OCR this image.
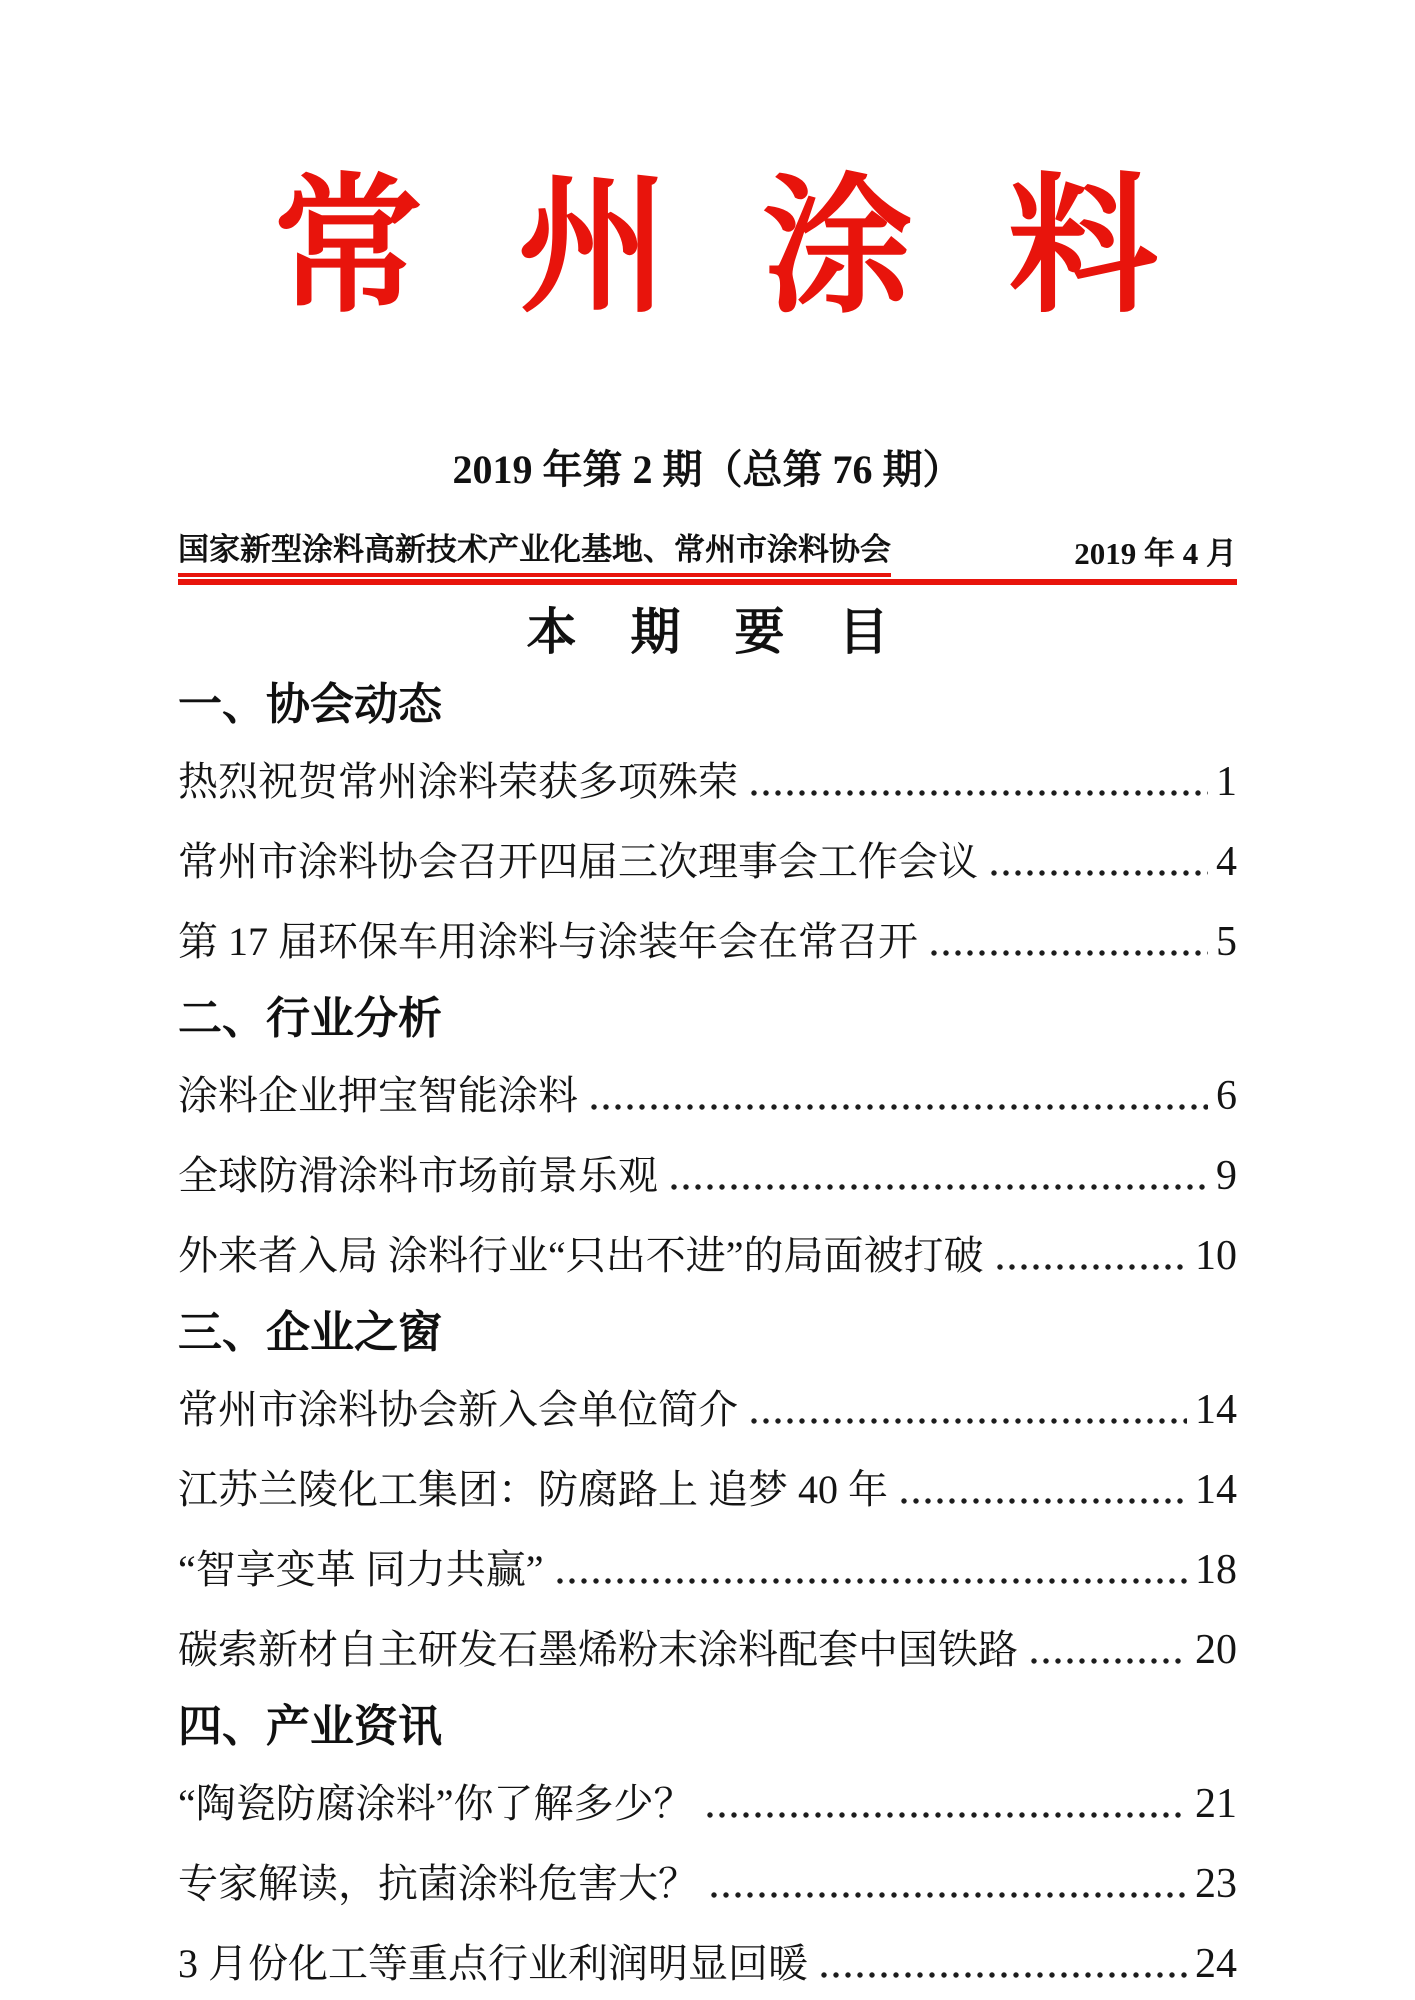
常州涂料
2019 年第 2 期（总第 76 期）
国家新型涂料高新技术产业化基地、常州市涂料协会	2019 年 4 月
本期要目
一、协会动态
热烈祝贺常州涂料荣获多项殊荣	1
常州市涂料协会召开四届三次理事会工作会议	4
第 17 届环保车用涂料与涂装年会在常召开	5
二、行业分析
涂料企业押宝智能涂料	6
全球防滑涂料市场前景乐观	9
外来者入局 涂料行业“只出不进”的局面被打破	10
三、企业之窗
常州市涂料协会新入会单位简介	14
江苏兰陵化工集团：防腐路上 追梦 40 年	14
“智享变革 同力共赢”	18
碳索新材自主研发石墨烯粉末涂料配套中国铁路	20
四、产业资讯
“陶瓷防腐涂料”你了解多少？	21
专家解读，抗菌涂料危害大？	23
3 月份化工等重点行业利润明显回暖	24
